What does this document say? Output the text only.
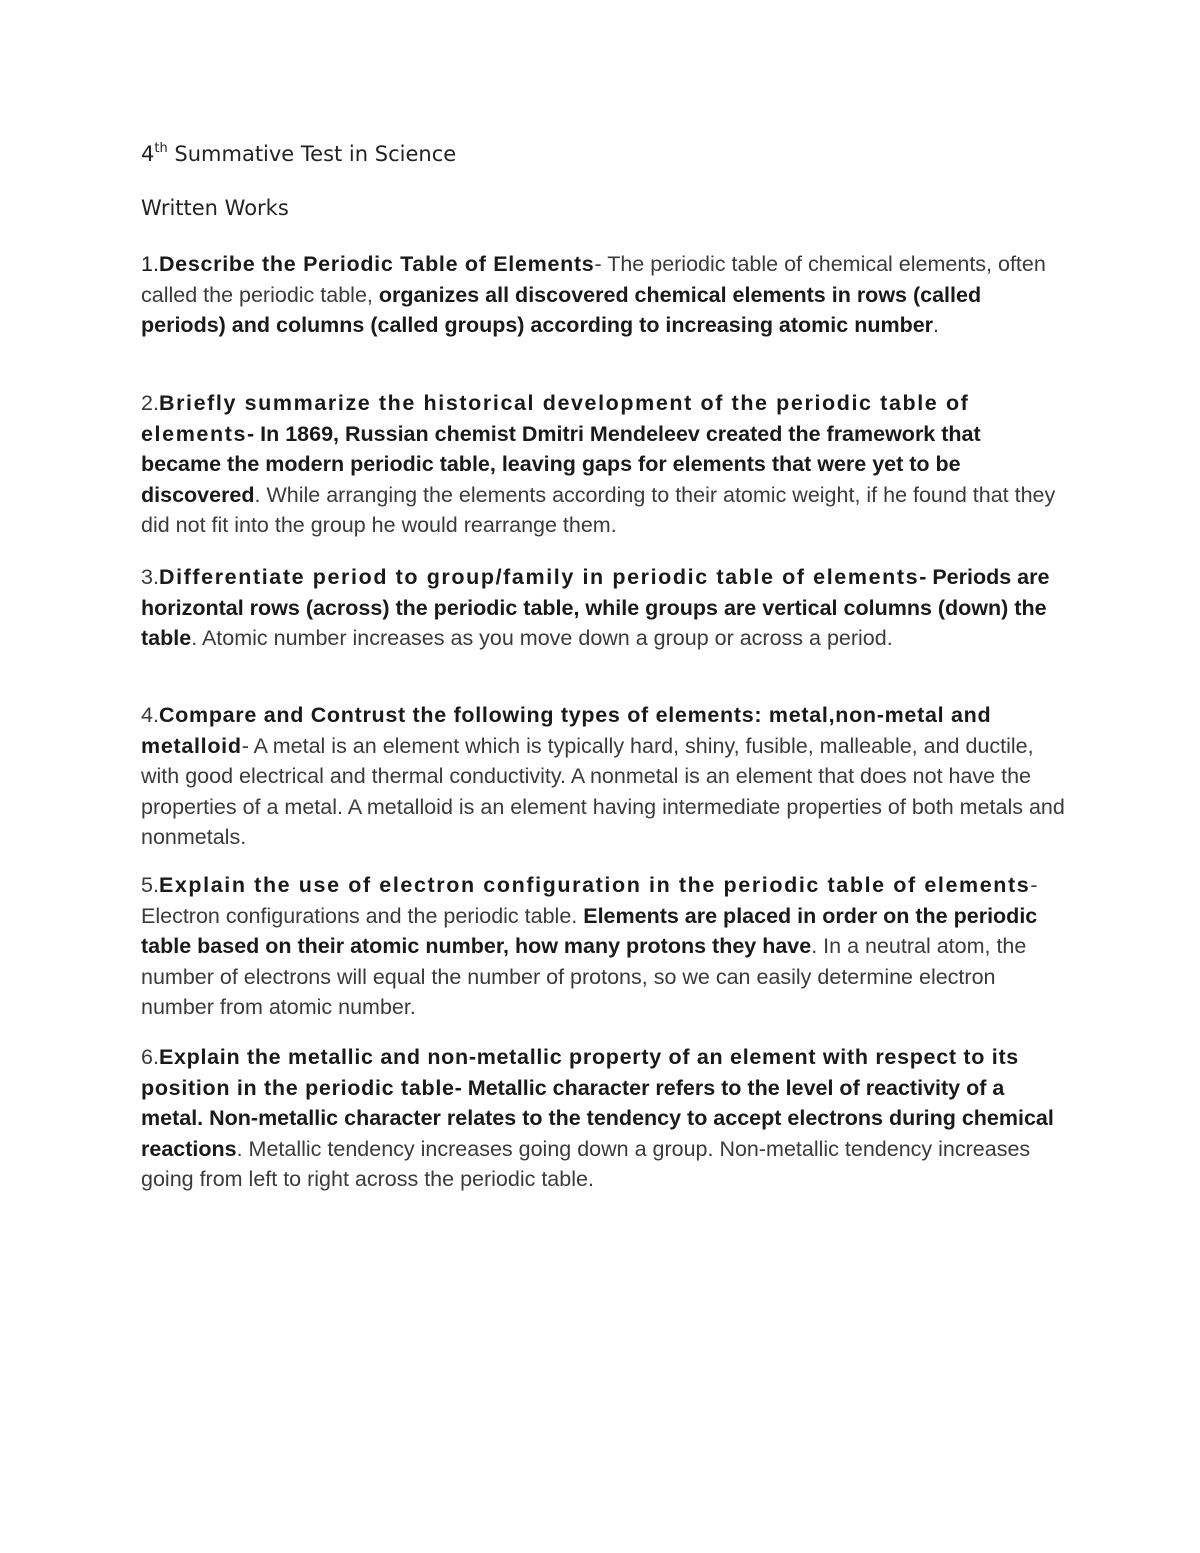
4th Summative Test in Science
Written Works
1.Describe the Periodic Table of Elements- The periodic table of chemical elements, often called the periodic table, organizes all discovered chemical elements in rows (called periods) and columns (called groups) according to increasing atomic number.
2.Briefly summarize the historical development of the periodic table of elements- In 1869, Russian chemist Dmitri Mendeleev created the framework that became the modern periodic table, leaving gaps for elements that were yet to be discovered. While arranging the elements according to their atomic weight, if he found that they did not fit into the group he would rearrange them.
3.Differentiate period to group/family in periodic table of elements- Periods are horizontal rows (across) the periodic table, while groups are vertical columns (down) the table. Atomic number increases as you move down a group or across a period.
4.Compare and Contrust the following types of elements: metal,non-metal and metalloid- A metal is an element which is typically hard, shiny, fusible, malleable, and ductile, with good electrical and thermal conductivity. A nonmetal is an element that does not have the properties of a metal. A metalloid is an element having intermediate properties of both metals and nonmetals.
5.Explain the use of electron configuration in the periodic table of elements- Electron configurations and the periodic table. Elements are placed in order on the periodic table based on their atomic number, how many protons they have. In a neutral atom, the number of electrons will equal the number of protons, so we can easily determine electron number from atomic number.
6.Explain the metallic and non-metallic property of an element with respect to its position in the periodic table- Metallic character refers to the level of reactivity of a metal. Non-metallic character relates to the tendency to accept electrons during chemical reactions. Metallic tendency increases going down a group. Non-metallic tendency increases going from left to right across the periodic table.
